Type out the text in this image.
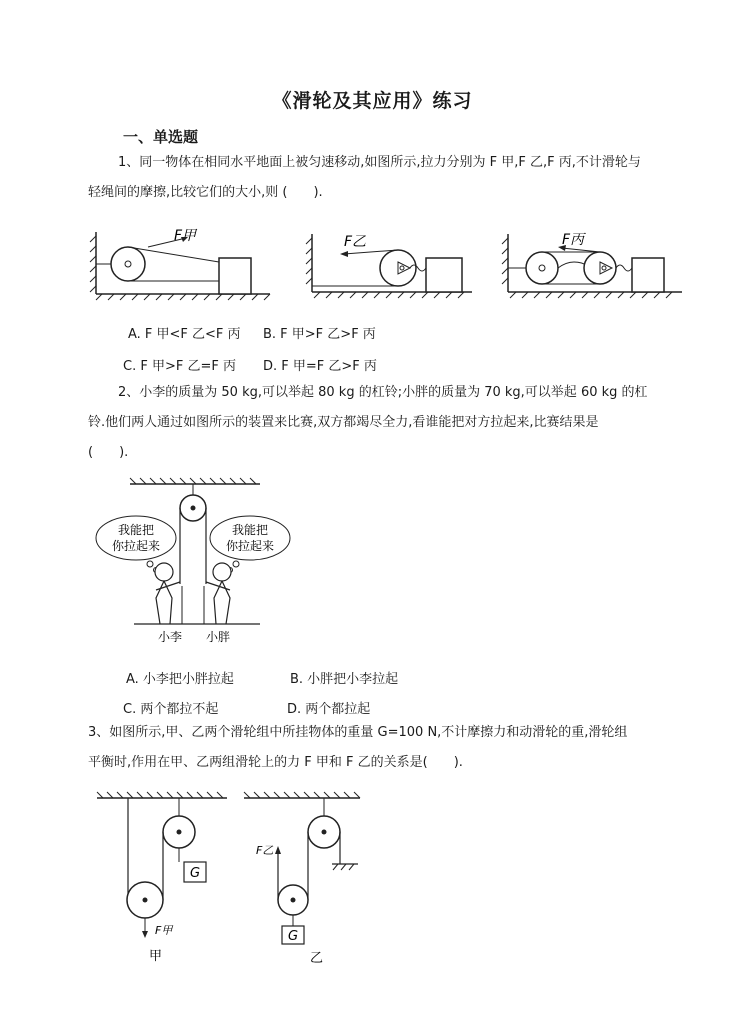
《滑轮及其应用》练习
一、单选题
1、同一物体在相同水平地面上被匀速移动,如图所示,拉力分别为 F 甲,F 乙,F 丙,不计滑轮与
轻绳间的摩擦,比较它们的大小,则 (　　).
F甲	F乙	F丙
A. F 甲<F 乙<F 丙 B. F 甲>F 乙>F 丙
C. F 甲>F 乙=F 丙 D. F 甲=F 乙>F 丙
2、小李的质量为 50 kg,可以举起 80 kg 的杠铃;小胖的质量为 70 kg,可以举起 60 kg 的杠
铃.他们两人通过如图所示的装置来比赛,双方都竭尽全力,看谁能把对方拉起来,比赛结果是
(　　).
我能把
你拉起来
我能把
你拉起来
小李 小胖
A. 小李把小胖拉起	B. 小胖把小李拉起
C. 两个都拉不起	D. 两个都拉起
3、如图所示,甲、乙两个滑轮组中所挂物体的重量 G=100 N,不计摩擦力和动滑轮的重,滑轮组
平衡时,作用在甲、乙两组滑轮上的力 F 甲和 F 乙的关系是(　　).
G
F甲
甲
F乙
G
乙
